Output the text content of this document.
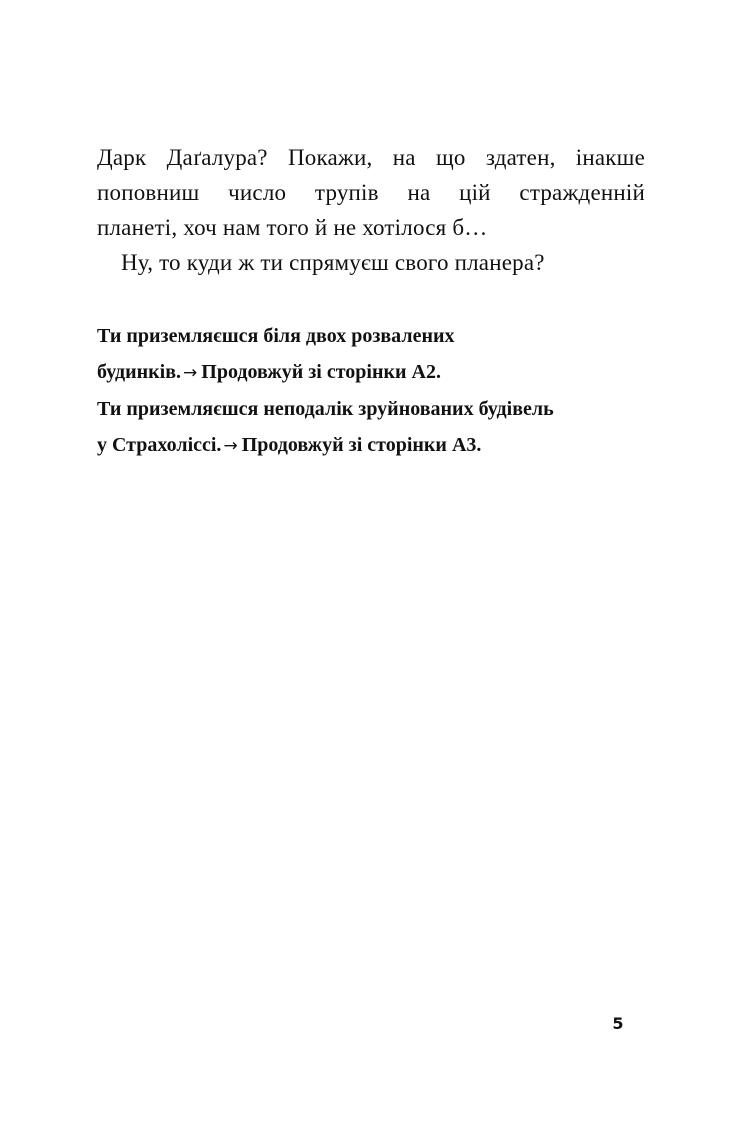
Дарк Даґалура? Покажи, на що здатен, інакше
поповниш число трупів на цій стражденній
планеті, хоч нам того й не хотілося б…
Ну, то куди ж ти спрямуєш свого планера?

Ти приземляєшся біля двох розвалених
будинків. → Продовжуй зі сторінки А2.

Ти приземляєшся неподалік зруйнованих будівель
у Страхоліссі. → Продовжуй зі сторінки А3.

5
